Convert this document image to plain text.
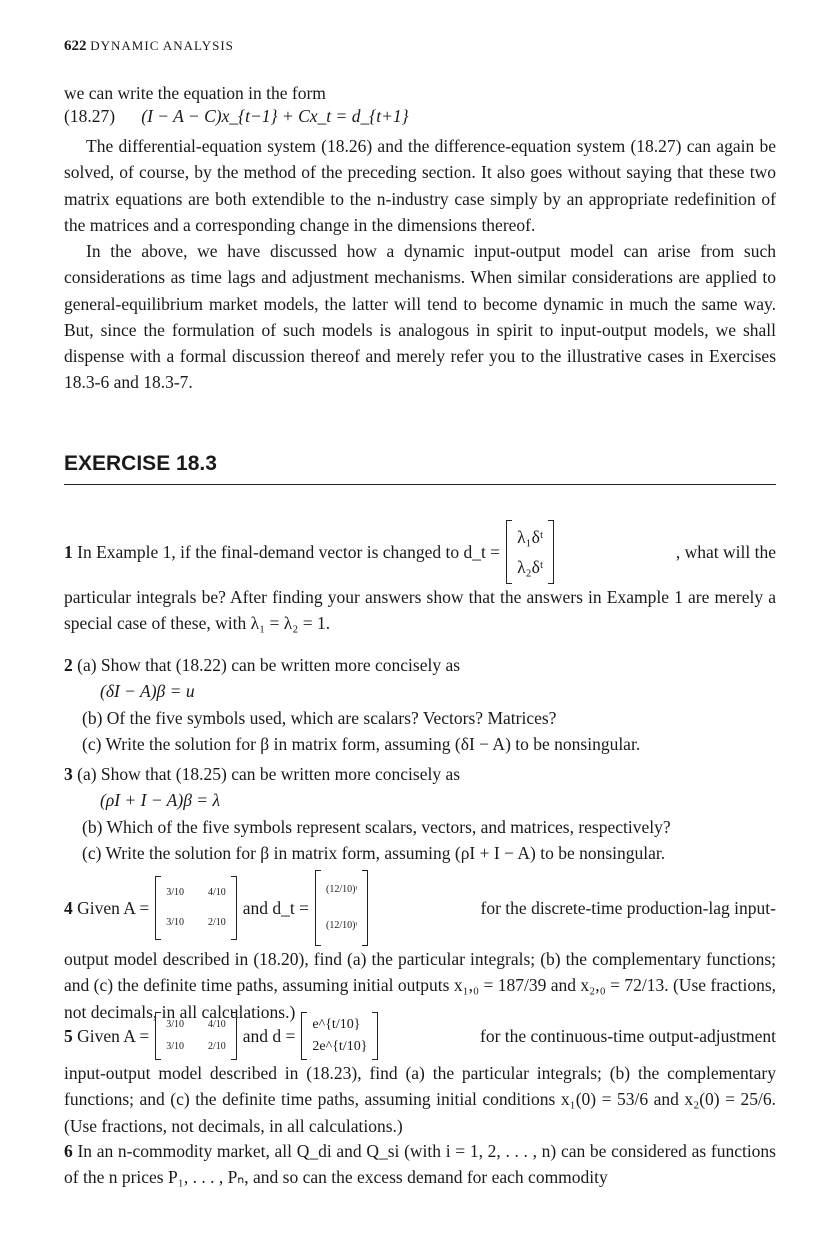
622 DYNAMIC ANALYSIS
we can write the equation in the form
(18.27) (I − A − C)x_{t−1} + Cx_t = d_{t+1}
The differential-equation system (18.26) and the difference-equation system (18.27) can again be solved, of course, by the method of the preceding section. It also goes without saying that these two matrix equations are both extendible to the n-industry case simply by an appropriate redefinition of the matrices and a corresponding change in the dimensions thereof.
In the above, we have discussed how a dynamic input-output model can arise from such considerations as time lags and adjustment mechanisms. When similar considerations are applied to general-equilibrium market models, the latter will tend to become dynamic in much the same way. But, since the formulation of such models is analogous in spirit to input-output models, we shall dispense with a formal discussion thereof and merely refer you to the illustrative cases in Exercises 18.3-6 and 18.3-7.
EXERCISE 18.3
1
In Example 1, if the final-demand vector is changed to d_t =
λ₁δᵗ
λ₂δᵗ
, what will the
particular integrals be? After finding your answers show that the answers in Example 1 are merely a special case of these, with λ₁ = λ₂ = 1.
2 (a) Show that (18.22) can be written more concisely as
(δI − A)β = u
(b) Of the five symbols used, which are scalars? Vectors? Matrices?
(c) Write the solution for β in matrix form, assuming (δI − A) to be nonsingular.
3 (a) Show that (18.25) can be written more concisely as
(ρI + I − A)β = λ
(b) Which of the five symbols represent scalars, vectors, and matrices, respectively?
(c) Write the solution for β in matrix form, assuming (ρI + I − A) to be nonsingular.
4
Given A =
3/10 4/10
3/10 2/10
and d_t =
(12/10)ᵗ
(12/10)ᵗ
for the discrete-time production-lag input-
output model described in (18.20), find (a) the particular integrals; (b) the complementary functions; and (c) the definite time paths, assuming initial outputs x₁,₀ = 187/39 and x₂,₀ = 72/13. (Use fractions, not decimals, in all calculations.)
5
Given A =
3/10 4/10
3/10 2/10
and d =
e^{t/10}
2e^{t/10}
for the continuous-time output-adjustment
input-output model described in (18.23), find (a) the particular integrals; (b) the complementary functions; and (c) the definite time paths, assuming initial conditions x₁(0) = 53/6 and x₂(0) = 25/6. (Use fractions, not decimals, in all calculations.)
6 In an n-commodity market, all Q_di and Q_si (with i = 1, 2, . . . , n) can be considered as functions of the n prices P₁, . . . , Pₙ, and so can the excess demand for each commodity
